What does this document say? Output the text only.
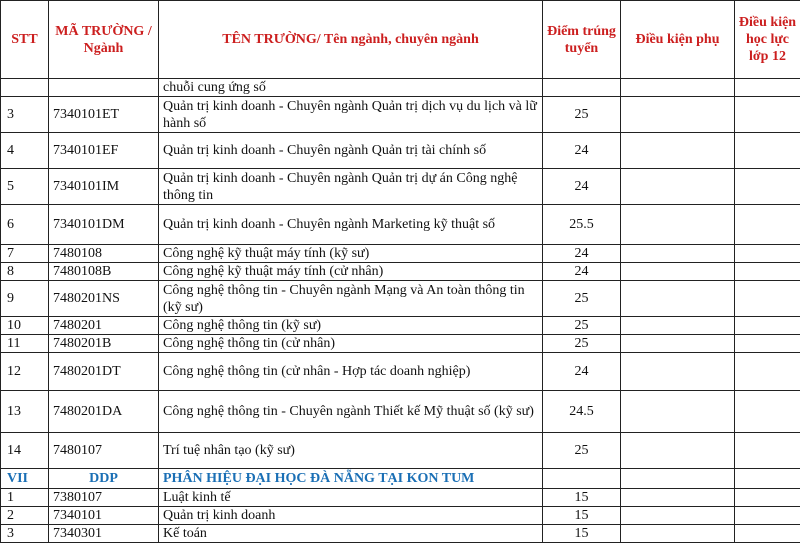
STT	MÃ TRƯỜNG / Ngành	TÊN TRƯỜNG/ Tên ngành, chuyên ngành	Điểm trúng tuyển	Điều kiện phụ	Điều kiện học lực lớp 12
		chuỗi cung ứng số			
3	7340101ET	Quản trị kinh doanh - Chuyên ngành Quản trị dịch vụ du lịch và lữ hành số	25		
4	7340101EF	Quản trị kinh doanh - Chuyên ngành Quản trị tài chính số	24		
5	7340101IM	Quản trị kinh doanh - Chuyên ngành Quản trị dự án Công nghệ thông tin	24		
6	7340101DM	Quản trị kinh doanh - Chuyên ngành Marketing kỹ thuật số	25.5		
7	7480108	Công nghệ kỹ thuật máy tính (kỹ sư)	24		
8	7480108B	Công nghệ kỹ thuật máy tính (cử nhân)	24		
9	7480201NS	Công nghệ thông tin - Chuyên ngành Mạng và An toàn thông tin (kỹ sư)	25		
10	7480201	Công nghệ thông tin (kỹ sư)	25		
11	7480201B	Công nghệ thông tin (cử nhân)	25		
12	7480201DT	Công nghệ thông tin (cử nhân - Hợp tác doanh nghiệp)	24		
13	7480201DA	Công nghệ thông tin - Chuyên ngành Thiết kế Mỹ thuật số (kỹ sư)	24.5		
14	7480107	Trí tuệ nhân tạo (kỹ sư)	25		
VII	DDP	PHÂN HIỆU ĐẠI HỌC ĐÀ NẴNG TẠI KON TUM			
1	7380107	Luật kinh tế	15		
2	7340101	Quản trị kinh doanh	15		
3	7340301	Kế toán	15		
